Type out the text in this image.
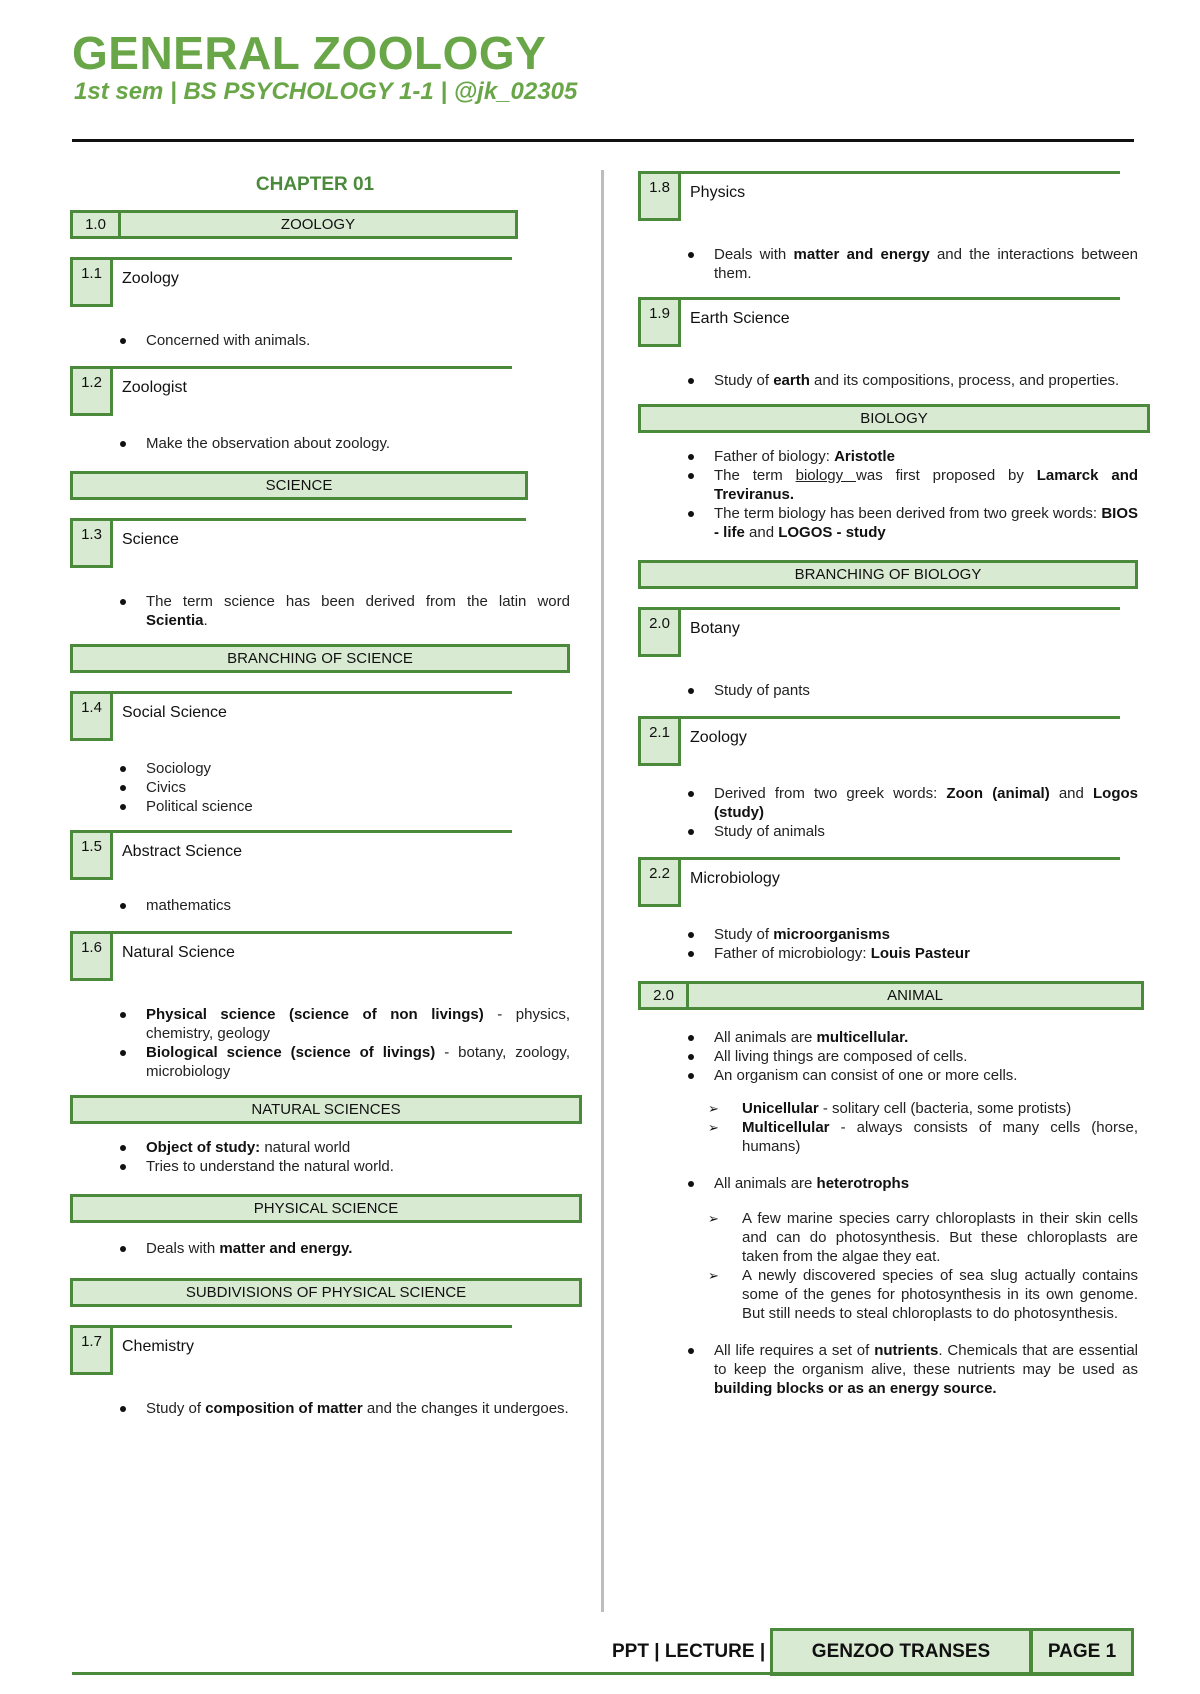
GENERAL ZOOLOGY
1st sem | BS PSYCHOLOGY 1-1 | @jk_02305
CHAPTER 01
1.0	ZOOLOGY
1.1	Zoology
Concerned with animals.
1.2	Zoologist
Make the observation about zoology.
SCIENCE
1.3	Science
The term science has been derived from the latin word Scientia.
BRANCHING OF SCIENCE
1.4	Social Science
Sociology
Civics
Political science
1.5	Abstract Science
mathematics
1.6	Natural Science
Physical science (science of non livings) - physics, chemistry, geology
Biological science (science of livings) - botany, zoology, microbiology
NATURAL SCIENCES
Object of study: natural world
Tries to understand the natural world.
PHYSICAL SCIENCE
Deals with matter and energy.
SUBDIVISIONS OF PHYSICAL SCIENCE
1.7	Chemistry
Study of composition of matter and the changes it undergoes.
1.8	Physics
Deals with matter and energy and the interactions between them.
1.9	Earth Science
Study of earth and its compositions, process, and properties.
BIOLOGY
Father of biology: Aristotle
The term biology was first proposed by Lamarck and Treviranus.
The term biology has been derived from two greek words: BIOS - life and LOGOS - study
BRANCHING OF BIOLOGY
2.0	Botany
Study of pants
2.1	Zoology
Derived from two greek words: Zoon (animal) and Logos (study)
Study of animals
2.2	Microbiology
Study of microorganisms
Father of microbiology: Louis Pasteur
2.0	ANIMAL
All animals are multicellular.
All living things are composed of cells.
An organism can consist of one or more cells.
➢ Unicellular - solitary cell (bacteria, some protists)
➢ Multicellular - always consists of many cells (horse, humans)
All animals are heterotrophs
➢ A few marine species carry chloroplasts in their skin cells and can do photosynthesis. But these chloroplasts are taken from the algae they eat.
➢ A newly discovered species of sea slug actually contains some of the genes for photosynthesis in its own genome. But still needs to steal chloroplasts to do photosynthesis.
All life requires a set of nutrients. Chemicals that are essential to keep the organism alive, these nutrients may be used as building blocks or as an energy source.
PPT | LECTURE |	GENZOO TRANSES	PAGE 1
